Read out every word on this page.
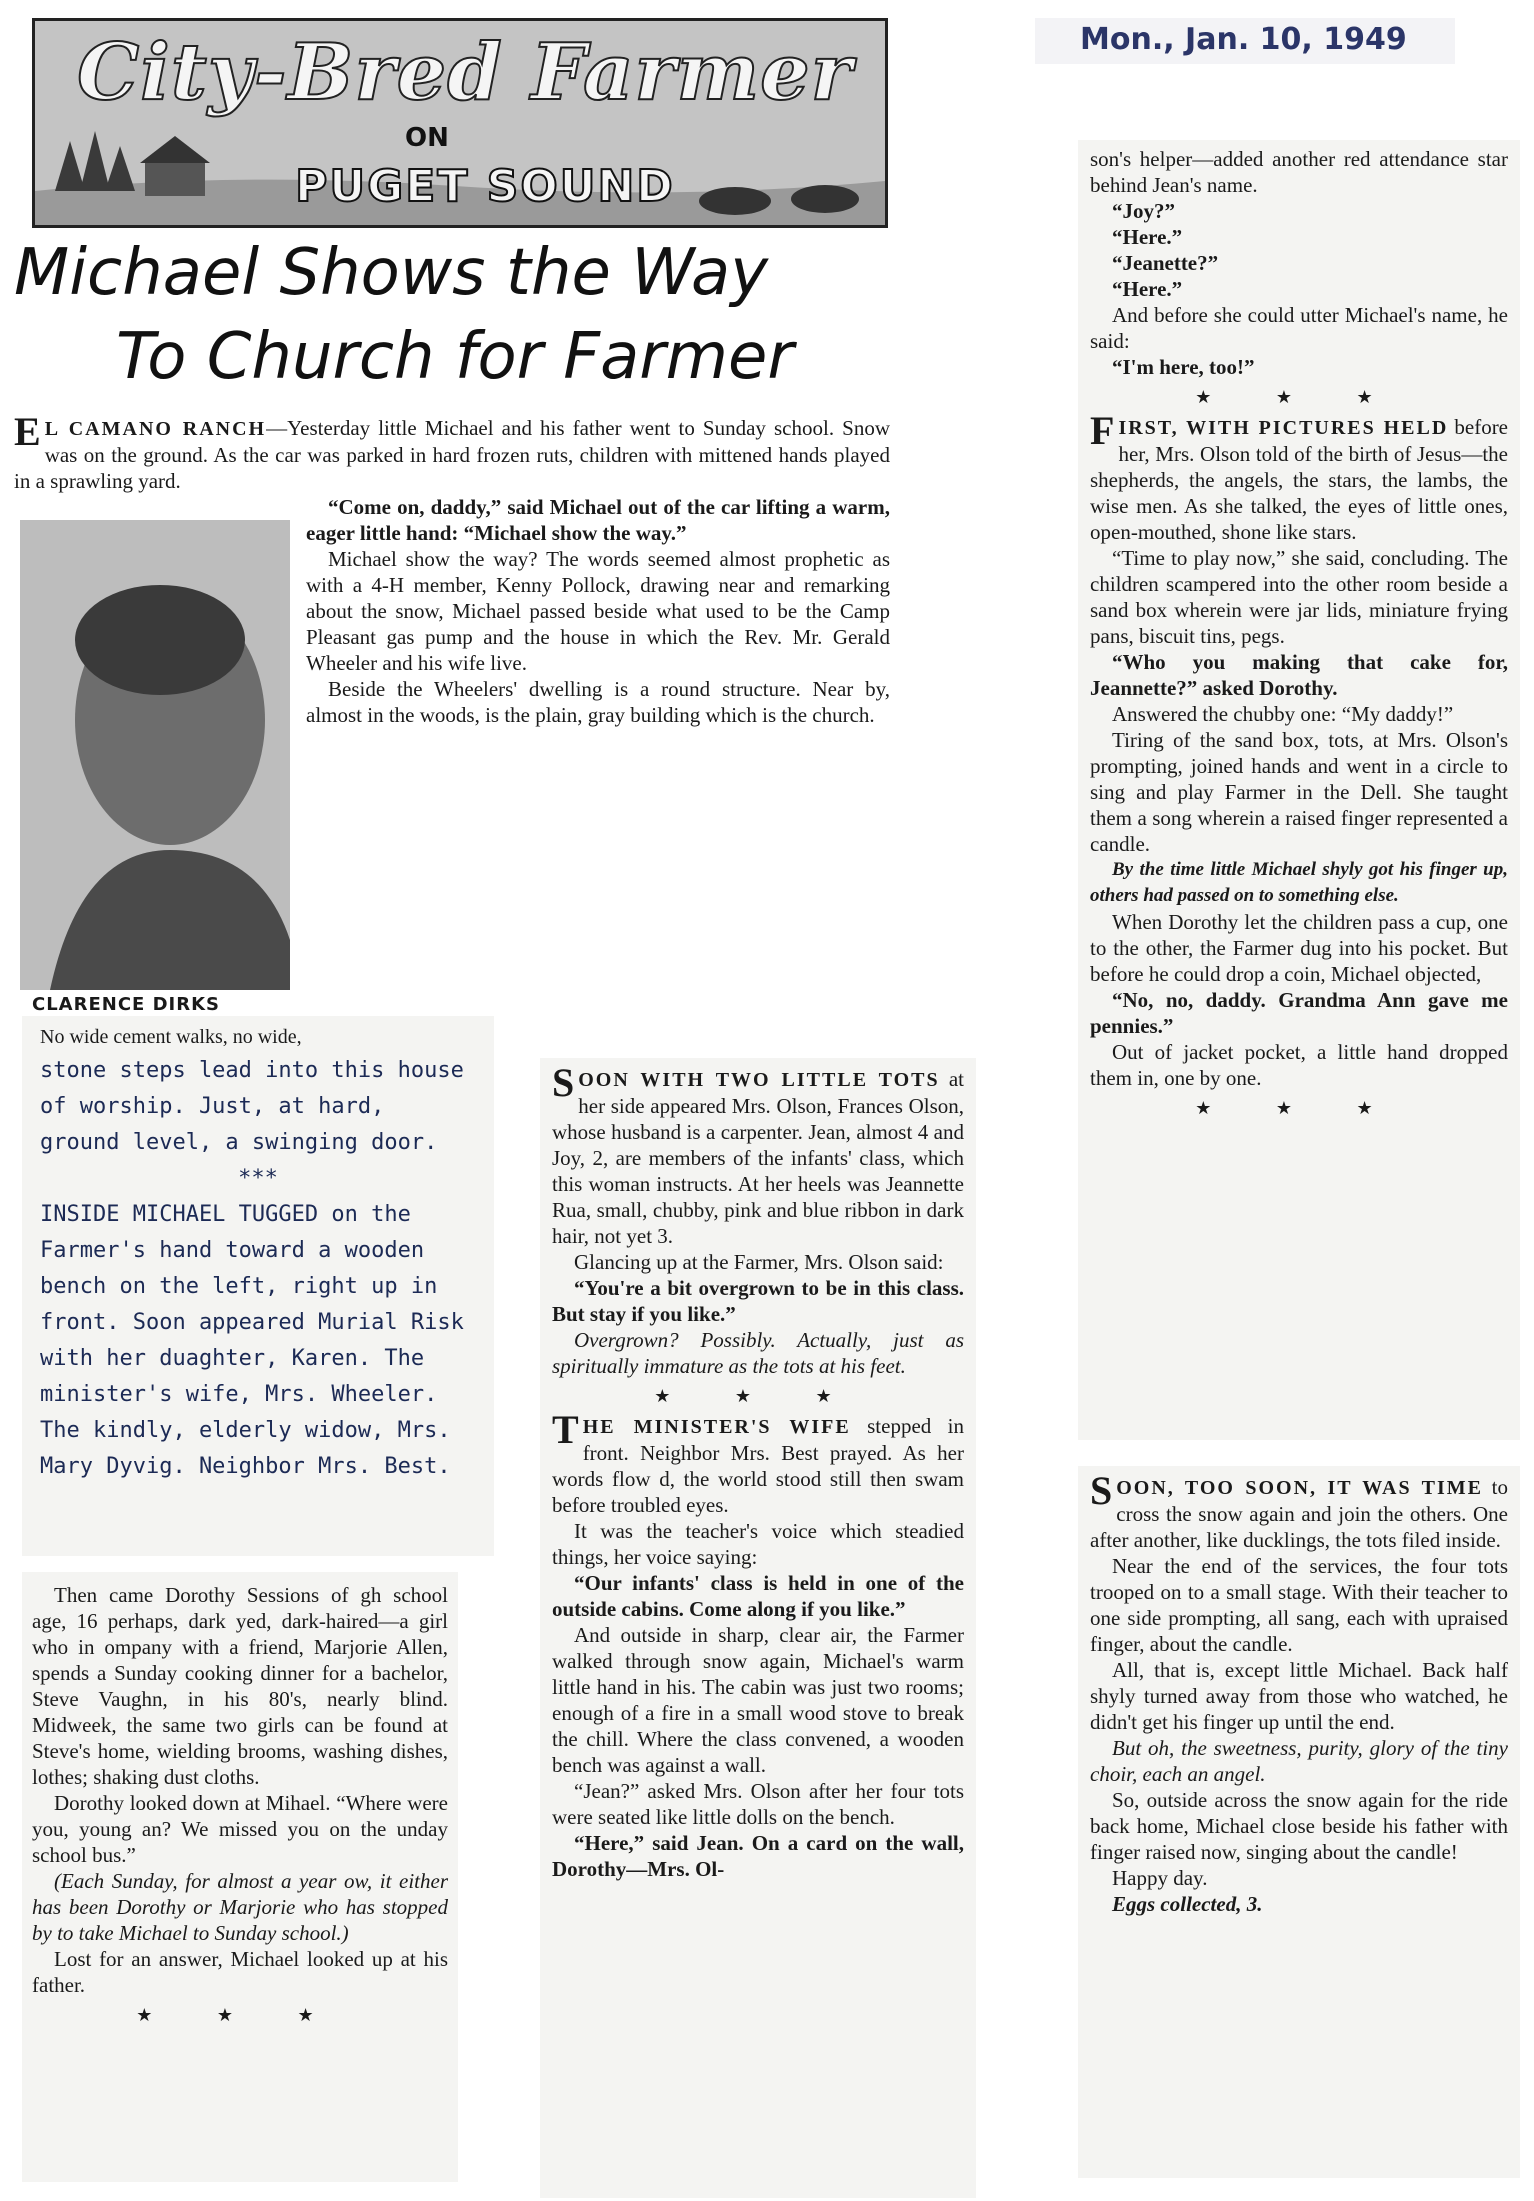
Mon., Jan. 10, 1949
City-Bred Farmer
ON
PUGET SOUND
Michael Shows the Way
To Church for Farmer

E L CAMANO RANCH—Yesterday little Michael and his father went to Sunday school. Snow was on the ground. As the car was parked in hard frozen ruts, children with mittened hands played in a sprawling yard.

CLARENCE DIRKS

“Come on, daddy,” said Michael out of the car lifting a warm, eager little hand: “Michael show the way.”

Michael show the way? The words seemed almost prophetic as with a 4-H member, Kenny Pollock, drawing near and remarking about the snow, Michael passed beside what used to be the Camp Pleasant gas pump and the house in which the Rev. Mr. Gerald Wheeler and his wife live.

Beside the Wheelers' dwelling is a round structure. Near by, almost in the woods, is the plain, gray building which is the church.

No wide cement walks, no wide,
stone steps lead into this house of worship. Just, at hard, ground level, a swinging door.
***
INSIDE MICHAEL TUGGED on the Farmer's hand toward a wooden bench on the left, right up in front. Soon appeared Murial Risk with her duaghter, Karen. The minister's wife, Mrs. Wheeler. The kindly, elderly widow, Mrs. Mary Dyvig. Neighbor Mrs. Best.

Then came Dorothy Sessions of gh school age, 16 perhaps, dark yed, dark-haired—a girl who in ompany with a friend, Marjorie Allen, spends a Sunday cooking dinner for a bachelor, Steve Vaughn, in his 80's, nearly blind. Midweek, the same two girls can be found at Steve's home, wielding brooms, washing dishes, lothes; shaking dust cloths.

Dorothy looked down at Mihael. “Where were you, young an? We missed you on the unday school bus.”

(Each Sunday, for almost a year ow, it either has been Dorothy or Marjorie who has stopped by to take Michael to Sunday school.)

Lost for an answer, Michael looked up at his father.

★ ★ ★

S OON WITH TWO LITTLE TOTS at her side appeared Mrs. Olson, Frances Olson, whose husband is a carpenter. Jean, almost 4 and Joy, 2, are members of the infants' class, which this woman instructs. At her heels was Jeannette Rua, small, chubby, pink and blue ribbon in dark hair, not yet 3.

Glancing up at the Farmer, Mrs. Olson said:

“You're a bit overgrown to be in this class. But stay if you like.”

Overgrown? Possibly. Actually, just as spiritually immature as the tots at his feet.

★ ★ ★

T HE MINISTER'S WIFE stepped in front. Neighbor Mrs. Best prayed. As her words flow d, the world stood still then swam before troubled eyes.

It was the teacher's voice which steadied things, her voice saying:

“Our infants' class is held in one of the outside cabins. Come along if you like.”

And outside in sharp, clear air, the Farmer walked through snow again, Michael's warm little hand in his. The cabin was just two rooms; enough of a fire in a small wood stove to break the chill. Where the class convened, a wooden bench was against a wall.

“Jean?” asked Mrs. Olson after her four tots were seated like little dolls on the bench.

“Here,” said Jean. On a card on the wall, Dorothy—Mrs. Ol-

son's helper—added another red attendance star behind Jean's name.

“Joy?”

“Here.”

“Jeanette?”

“Here.”

And before she could utter Michael's name, he said:

“I'm here, too!”

★ ★ ★

F IRST, WITH PICTURES HELD before her, Mrs. Olson told of the birth of Jesus—the shepherds, the angels, the stars, the lambs, the wise men. As she talked, the eyes of little ones, open-mouthed, shone like stars.

“Time to play now,” she said, concluding. The children scampered into the other room beside a sand box wherein were jar lids, miniature frying pans, biscuit tins, pegs.

“Who you making that cake for, Jeannette?” asked Dorothy.

Answered the chubby one: “My daddy!”

Tiring of the sand box, tots, at Mrs. Olson's prompting, joined hands and went in a circle to sing and play Farmer in the Dell. She taught them a song wherein a raised finger represented a candle.

By the time little Michael shyly got his finger up, others had passed on to something else.

When Dorothy let the children pass a cup, one to the other, the Farmer dug into his pocket. But before he could drop a coin, Michael objected,

“No, no, daddy. Grandma Ann gave me pennies.”

Out of jacket pocket, a little hand dropped them in, one by one.

★ ★ ★

S OON, TOO SOON, IT WAS TIME to cross the snow again and join the others. One after another, like ducklings, the tots filed inside.

Near the end of the services, the four tots trooped on to a small stage. With their teacher to one side prompting, all sang, each with upraised finger, about the candle.

All, that is, except little Michael. Back half shyly turned away from those who watched, he didn't get his finger up until the end.

But oh, the sweetness, purity, glory of the tiny choir, each an angel.

So, outside across the snow again for the ride back home, Michael close beside his father with finger raised now, singing about the candle!

Happy day.

Eggs collected, 3.
